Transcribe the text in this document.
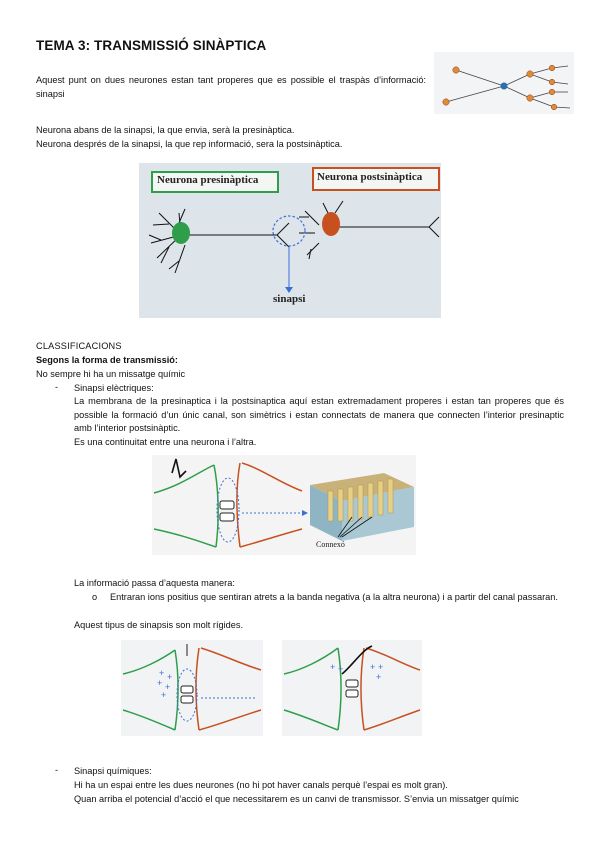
TEMA 3: TRANSMISSIÓ SINÀPTICA
Aquest punt on dues neurones estan tant properes que es possible el traspàs d’informació: sinapsi
Neurona abans de la sinapsi, la que envia, serà la presinàptica.
Neurona després de la sinapsi, la que rep informació, sera la postsinàptica.
Neurona presinàptica	Neurona postsinàptica
sinapsi
CLASSIFICACIONS
Segons la forma de transmissió:
No sempre hi ha un missatge químic
- Sinapsi elèctriques:
La membrana de la presinaptica i la postsinaptica aquí estan extremadament properes i estan tan properes que és possible la formació d’un únic canal, son simètrics i estan connectats de manera que connecten l’interior presinaptic amb l’interior postsinàptic.
Es una continuitat entre una neurona i l’altra.
Connexó
La informació passa d’aquesta manera:
o Entraran ions positius que sentiran atrets a la banda negativa (a la altra neurona) i a partir del canal passaran.
Aquest tipus de sinapsis son molt rígides.
+ +
+ +
+
+ +	+ +
+
- Sinapsi químiques:
Hi ha un espai entre les dues neurones (no hi pot haver canals perquè l’espai es molt gran).
Quan arriba el potencial d’acció el que necessitarem es un canvi de transmissor. S’envia un missatger químic
